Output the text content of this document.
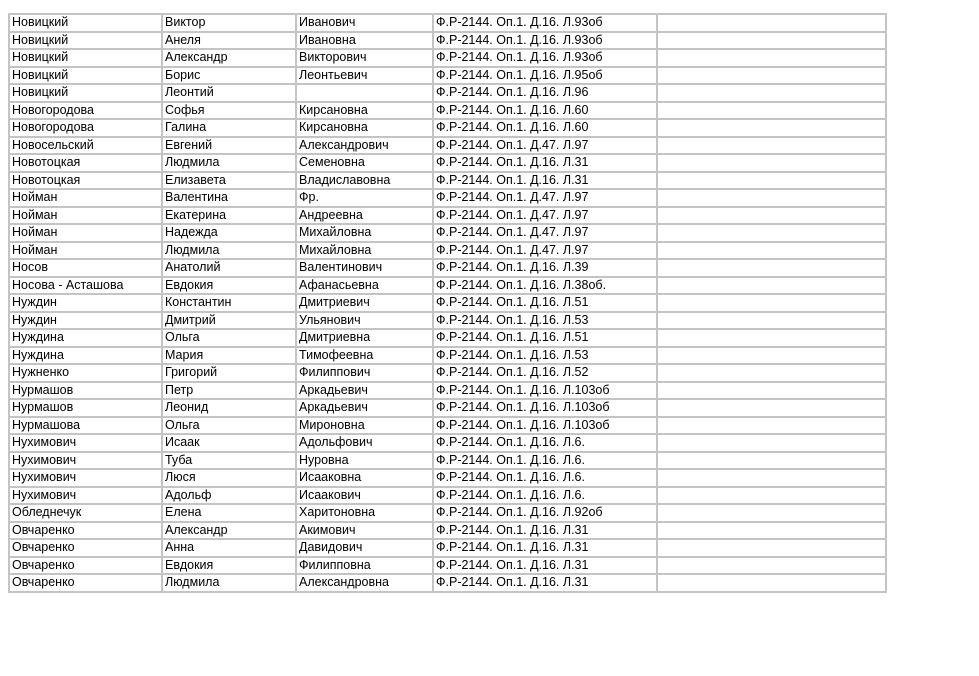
Новицкий	Виктор	Иванович	Ф.Р-2144. Оп.1. Д.16. Л.93об	
Новицкий	Анеля	Ивановна	Ф.Р-2144. Оп.1. Д.16. Л.93об	
Новицкий	Александр	Викторович	Ф.Р-2144. Оп.1. Д.16. Л.93об	
Новицкий	Борис	Леонтьевич	Ф.Р-2144. Оп.1. Д.16. Л.95об	
Новицкий	Леонтий		Ф.Р-2144. Оп.1. Д.16. Л.96	
Новогородова	Софья	Кирсановна	Ф.Р-2144. Оп.1. Д.16. Л.60	
Новогородова	Галина	Кирсановна	Ф.Р-2144. Оп.1. Д.16. Л.60	
Новосельский	Евгений	Александрович	Ф.Р-2144. Оп.1. Д.47. Л.97	
Новотоцкая	Людмила	Семеновна	Ф.Р-2144. Оп.1. Д.16. Л.31	
Новотоцкая	Елизавета	Владиславовна	Ф.Р-2144. Оп.1. Д.16. Л.31	
Нойман	Валентина	Фр.	Ф.Р-2144. Оп.1. Д.47. Л.97	
Нойман	Екатерина	Андреевна	Ф.Р-2144. Оп.1. Д.47. Л.97	
Нойман	Надежда	Михайловна	Ф.Р-2144. Оп.1. Д.47. Л.97	
Нойман	Людмила	Михайловна	Ф.Р-2144. Оп.1. Д.47. Л.97	
Носов	Анатолий	Валентинович	Ф.Р-2144. Оп.1. Д.16. Л.39	
Носова - Асташова	Евдокия	Афанасьевна	Ф.Р-2144. Оп.1. Д.16. Л.38об.	
Нуждин	Константин	Дмитриевич	Ф.Р-2144. Оп.1. Д.16. Л.51	
Нуждин	Дмитрий	Ульянович	Ф.Р-2144. Оп.1. Д.16. Л.53	
Нуждина	Ольга	Дмитриевна	Ф.Р-2144. Оп.1. Д.16. Л.51	
Нуждина	Мария	Тимофеевна	Ф.Р-2144. Оп.1. Д.16. Л.53	
Нужненко	Григорий	Филиппович	Ф.Р-2144. Оп.1. Д.16. Л.52	
Нурмашов	Петр	Аркадьевич	Ф.Р-2144. Оп.1. Д.16. Л.103об	
Нурмашов	Леонид	Аркадьевич	Ф.Р-2144. Оп.1. Д.16. Л.103об	
Нурмашова	Ольга	Мироновна	Ф.Р-2144. Оп.1. Д.16. Л.103об	
Нухимович	Исаак	Адольфович	Ф.Р-2144. Оп.1. Д.16. Л.6.	
Нухимович	Туба	Нуровна	Ф.Р-2144. Оп.1. Д.16. Л.6.	
Нухимович	Люся	Исааковна	Ф.Р-2144. Оп.1. Д.16. Л.6.	
Нухимович	Адольф	Исаакович	Ф.Р-2144. Оп.1. Д.16. Л.6.	
Обледнечук	Елена	Харитоновна	Ф.Р-2144. Оп.1. Д.16. Л.92об	
Овчаренко	Александр	Акимович	Ф.Р-2144. Оп.1. Д.16. Л.31	
Овчаренко	Анна	Давидович	Ф.Р-2144. Оп.1. Д.16. Л.31	
Овчаренко	Евдокия	Филипповна	Ф.Р-2144. Оп.1. Д.16. Л.31	
Овчаренко	Людмила	Александровна	Ф.Р-2144. Оп.1. Д.16. Л.31	
